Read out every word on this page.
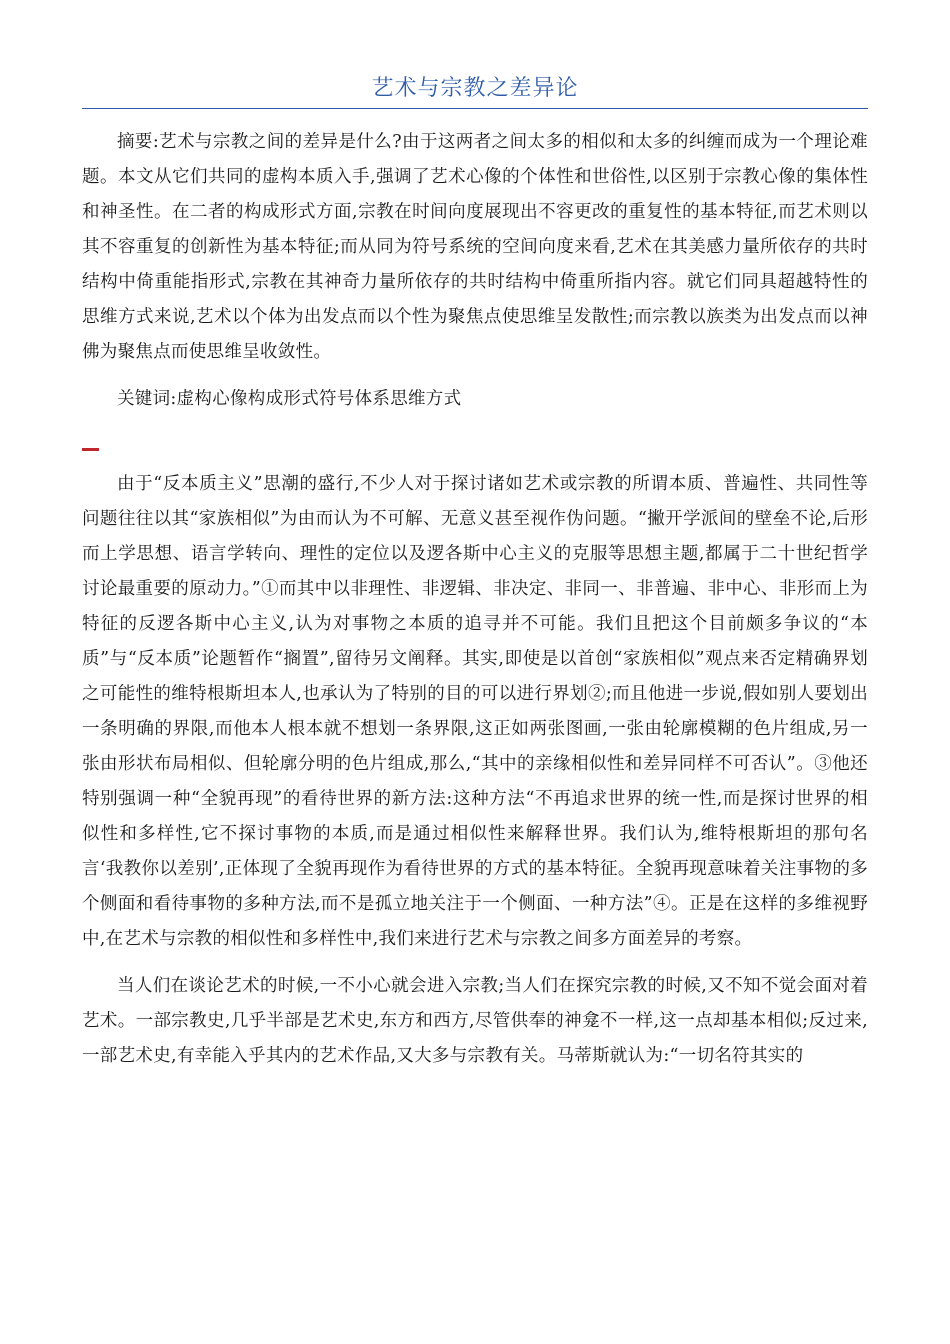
艺术与宗教之差异论

摘要:艺术与宗教之间的差异是什么?由于这两者之间太多的相似和太多的纠缠而成为一个理论难题。本文从它们共同的虚构本质入手,强调了艺术心像的个体性和世俗性,以区别于宗教心像的集体性和神圣性。在二者的构成形式方面,宗教在时间向度展现出不容更改的重复性的基本特征,而艺术则以其不容重复的创新性为基本特征;而从同为符号系统的空间向度来看,艺术在其美感力量所依存的共时结构中倚重能指形式,宗教在其神奇力量所依存的共时结构中倚重所指内容。就它们同具超越特性的思维方式来说,艺术以个体为出发点而以个性为聚焦点使思维呈发散性;而宗教以族类为出发点而以神佛为聚焦点而使思维呈收敛性。

关键词:虚构心像构成形式符号体系思维方式

由于“反本质主义”思潮的盛行,不少人对于探讨诸如艺术或宗教的所谓本质、普遍性、共同性等问题往往以其“家族相似”为由而认为不可解、无意义甚至视作伪问题。“撇开学派间的壁垒不论,后形而上学思想、语言学转向、理性的定位以及逻各斯中心主义的克服等思想主题,都属于二十世纪哲学讨论最重要的原动力。”①而其中以非理性、非逻辑、非决定、非同一、非普遍、非中心、非形而上为特征的反逻各斯中心主义,认为对事物之本质的追寻并不可能。我们且把这个目前颇多争议的“本质”与“反本质”论题暂作“搁置”,留待另文阐释。其实,即使是以首创“家族相似”观点来否定精确界划之可能性的维特根斯坦本人,也承认为了特别的目的可以进行界划②;而且他进一步说,假如别人要划出一条明确的界限,而他本人根本就不想划一条界限,这正如两张图画,一张由轮廓模糊的色片组成,另一张由形状布局相似、但轮廓分明的色片组成,那么,“其中的亲缘相似性和差异同样不可否认”。③他还特别强调一种“全貌再现”的看待世界的新方法:这种方法“不再追求世界的统一性,而是探讨世界的相似性和多样性,它不探讨事物的本质,而是通过相似性来解释世界。我们认为,维特根斯坦的那句名言‘我教你以差别’,正体现了全貌再现作为看待世界的方式的基本特征。全貌再现意味着关注事物的多个侧面和看待事物的多种方法,而不是孤立地关注于一个侧面、一种方法”④。正是在这样的多维视野中,在艺术与宗教的相似性和多样性中,我们来进行艺术与宗教之间多方面差异的考察。

当人们在谈论艺术的时候,一不小心就会进入宗教;当人们在探究宗教的时候,又不知不觉会面对着艺术。一部宗教史,几乎半部是艺术史,东方和西方,尽管供奉的神龛不一样,这一点却基本相似;反过来,一部艺术史,有幸能入乎其内的艺术作品,又大多与宗教有关。马蒂斯就认为:“一切名符其实的
